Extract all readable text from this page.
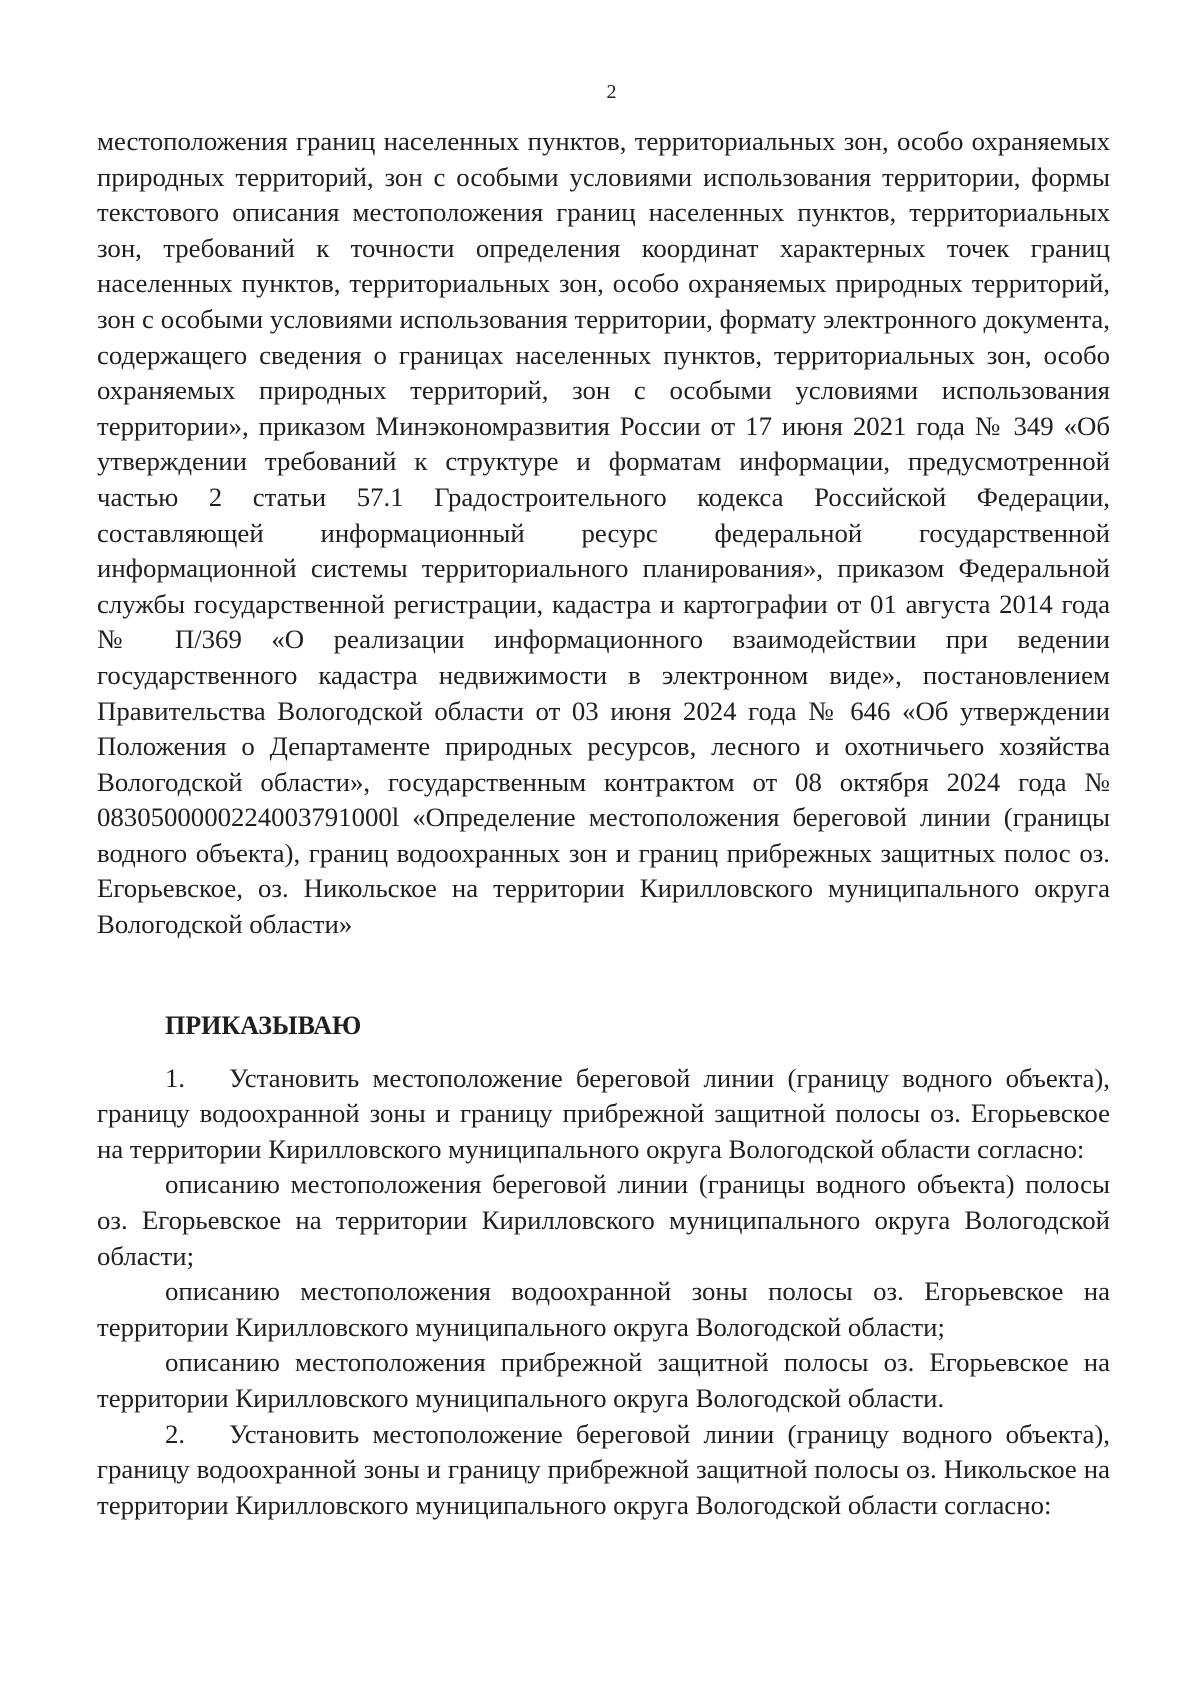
2

местоположения границ населенных пунктов, территориальных зон, особо охраняемых природных территорий, зон с особыми условиями использования территории, формы текстового описания местоположения границ населенных пунктов, территориальных зон, требований к точности определения координат характерных точек границ населенных пунктов, территориальных зон, особо охраняемых природных территорий, зон с особыми условиями использования территории, формату электронного документа, содержащего сведения о границах населенных пунктов, территориальных зон, особо охраняемых природных территорий, зон с особыми условиями использования территории», приказом Минэкономразвития России от 17 июня 2021 года № 349 «Об утверждении требований к структуре и форматам информации, предусмотренной частью 2 статьи 57.1 Градостроительного кодекса Российской Федерации, составляющей информационный ресурс федеральной государственной информационной системы территориального планирования», приказом Федеральной службы государственной регистрации, кадастра и картографии от 01 августа 2014 года № П/369 «О реализации информационного взаимодействии при ведении государственного кадастра недвижимости в электронном виде», постановлением Правительства Вологодской области от 03 июня 2024 года № 646 «Об утверждении Положения о Департаменте природных ресурсов, лесного и охотничьего хозяйства Вологодской области», государственным контрактом от 08 октября 2024 года № 0830500000224003791000l «Определение местоположения береговой линии (границы водного объекта), границ водоохранных зон и границ прибрежных защитных полос оз. Егорьевское, оз. Никольское на территории Кирилловского муниципального округа Вологодской области»

ПРИКАЗЫВАЮ

1. Установить местоположение береговой линии (границу водного объекта), границу водоохранной зоны и границу прибрежной защитной полосы оз. Егорьевское на территории Кирилловского муниципального округа Вологодской области согласно:

описанию местоположения береговой линии (границы водного объекта) полосы оз. Егорьевское на территории Кирилловского муниципального округа Вологодской области;

описанию местоположения водоохранной зоны полосы оз. Егорьевское на территории Кирилловского муниципального округа Вологодской области;

описанию местоположения прибрежной защитной полосы оз. Егорьевское на территории Кирилловского муниципального округа Вологодской области.

2. Установить местоположение береговой линии (границу водного объекта), границу водоохранной зоны и границу прибрежной защитной полосы оз. Никольское на территории Кирилловского муниципального округа Вологодской области согласно:
